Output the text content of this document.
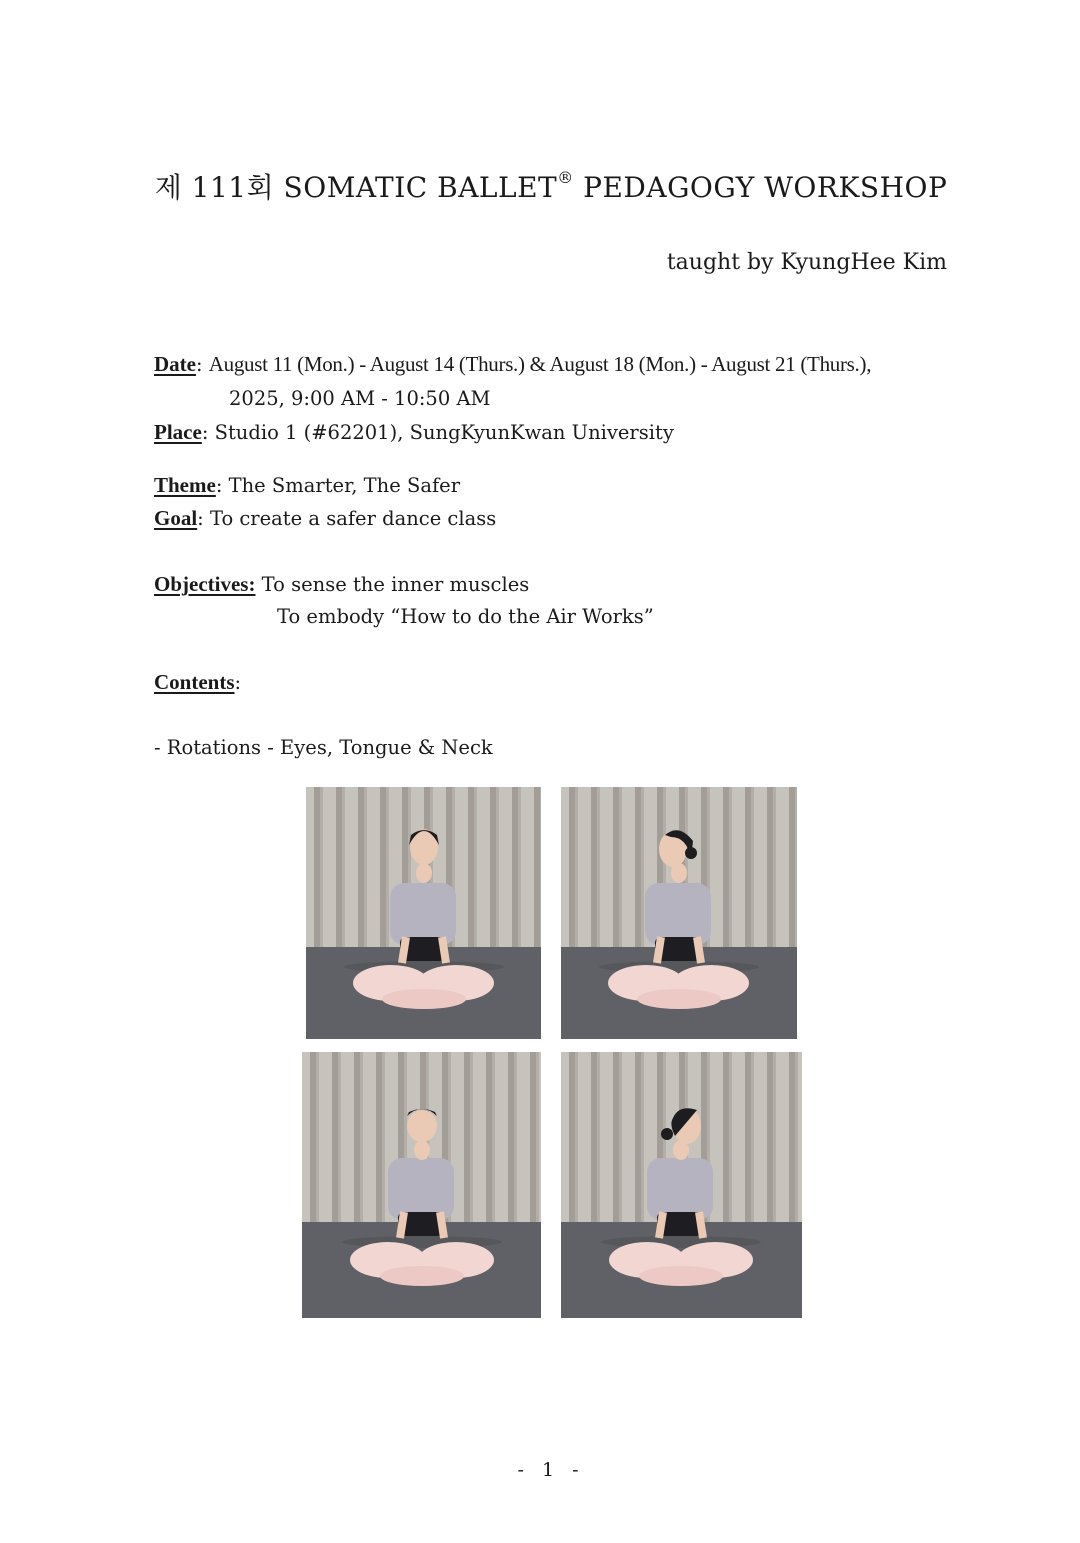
제 111회 SOMATIC BALLET® PEDAGOGY WORKSHOP
taught by KyungHee Kim
Date: August 11 (Mon.) - August 14 (Thurs.) & August 18 (Mon.) - August 21 (Thurs.),
2025, 9:00 AM - 10:50 AM
Place: Studio 1 (#62201), SungKyunKwan University
Theme: The Smarter, The Safer
Goal: To create a safer dance class
Objectives: To sense the inner muscles
To embody “How to do the Air Works”
Contents:
- Rotations - Eyes, Tongue & Neck
- 1 -
